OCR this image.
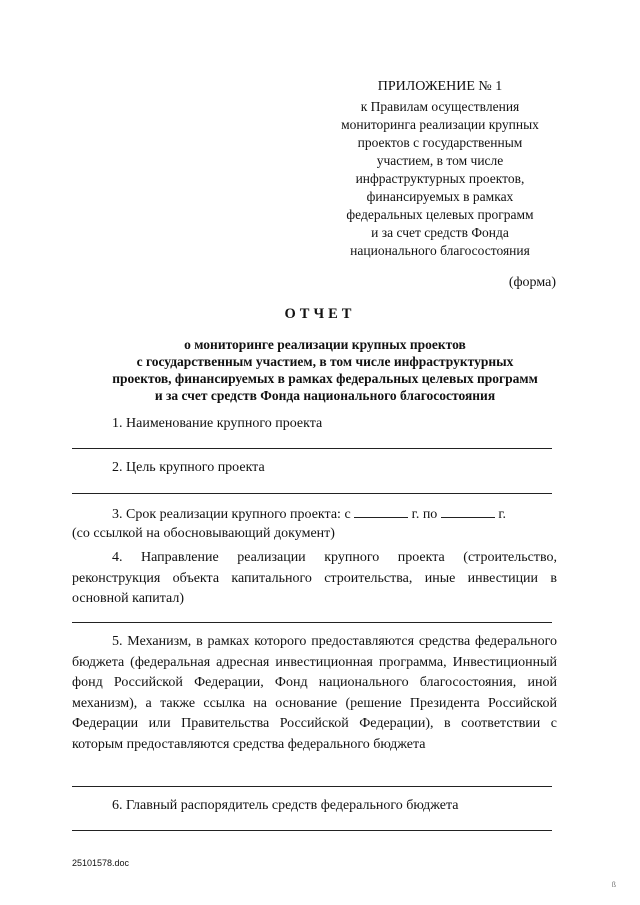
ПРИЛОЖЕНИЕ № 1
к Правилам осуществления
мониторинга реализации крупных
проектов с государственным
участием, в том числе
инфраструктурных проектов,
финансируемых в рамках
федеральных целевых программ
и за счет средств Фонда
национального благосостояния
(форма)
ОТЧЕТ
о мониторинге реализации крупных проектов
с государственным участием, в том числе инфраструктурных
проектов, финансируемых в рамках федеральных целевых программ
и за счет средств Фонда национального благосостояния
1. Наименование крупного проекта
2. Цель крупного проекта
3. Срок реализации крупного проекта: с	г. по	г.
(со ссылкой на обосновывающий документ)
4. Направление реализации крупного проекта (строительство, реконструкция объекта капитального строительства, иные инвестиции в основной капитал)
5. Механизм, в рамках которого предоставляются средства федерального бюджета (федеральная адресная инвестиционная программа, Инвестиционный фонд Российской Федерации, Фонд национального благосостояния, иной механизм), а также ссылка на основание (решение Президента Российской Федерации или Правительства Российской Федерации), в соответствии с которым предоставляются средства федерального бюджета
6. Главный распорядитель средств федерального бюджета
25101578.doc
ß
